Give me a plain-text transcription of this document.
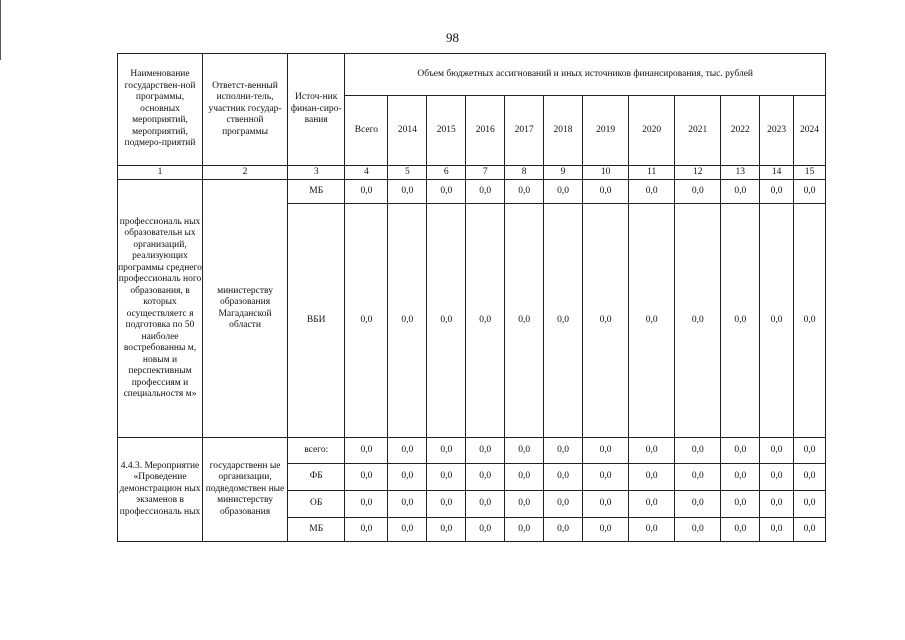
98
Наименование государствен-ной программы, основных мероприятий, мероприятий, подмеро-приятий	Ответст-венный исполни-тель, участник государ-ственной программы	Источ-ник финан-сиро-вания	Объем бюджетных ассигнований и иных источников финансирования, тыс. рублей											
			Всего	2014	2015	2016	2017	2018	2019	2020	2021	2022	2023	2024
1	2	3	4	5	6	7	8	9	10	11	12	13	14	15
профессиональ ных образовательн ых организаций, реализующих программы среднего профессиональ ного образования, в которых осуществляетс я подготовка по 50 наиболее востребованны м, новым и перспективным профессиям и специальностя м»	министерству образования Магаданской области	МБ	0,0	0,0	0,0	0,0	0,0	0,0	0,0	0,0	0,0	0,0	0,0	0,0
		ВБИ	0,0	0,0	0,0	0,0	0,0	0,0	0,0	0,0	0,0	0,0	0,0	0,0
4.4.3. Мероприятие «Проведение демонстрацион ных экзаменов в профессиональ ных	государственн ые организации, подведомствен ные министерству образования	всего:	0,0	0,0	0,0	0,0	0,0	0,0	0,0	0,0	0,0	0,0	0,0	0,0
		ФБ	0,0	0,0	0,0	0,0	0,0	0,0	0,0	0,0	0,0	0,0	0,0	0,0
		ОБ	0,0	0,0	0,0	0,0	0,0	0,0	0,0	0,0	0,0	0,0	0,0	0,0
		МБ	0,0	0,0	0,0	0,0	0,0	0,0	0,0	0,0	0,0	0,0	0,0	0,0
